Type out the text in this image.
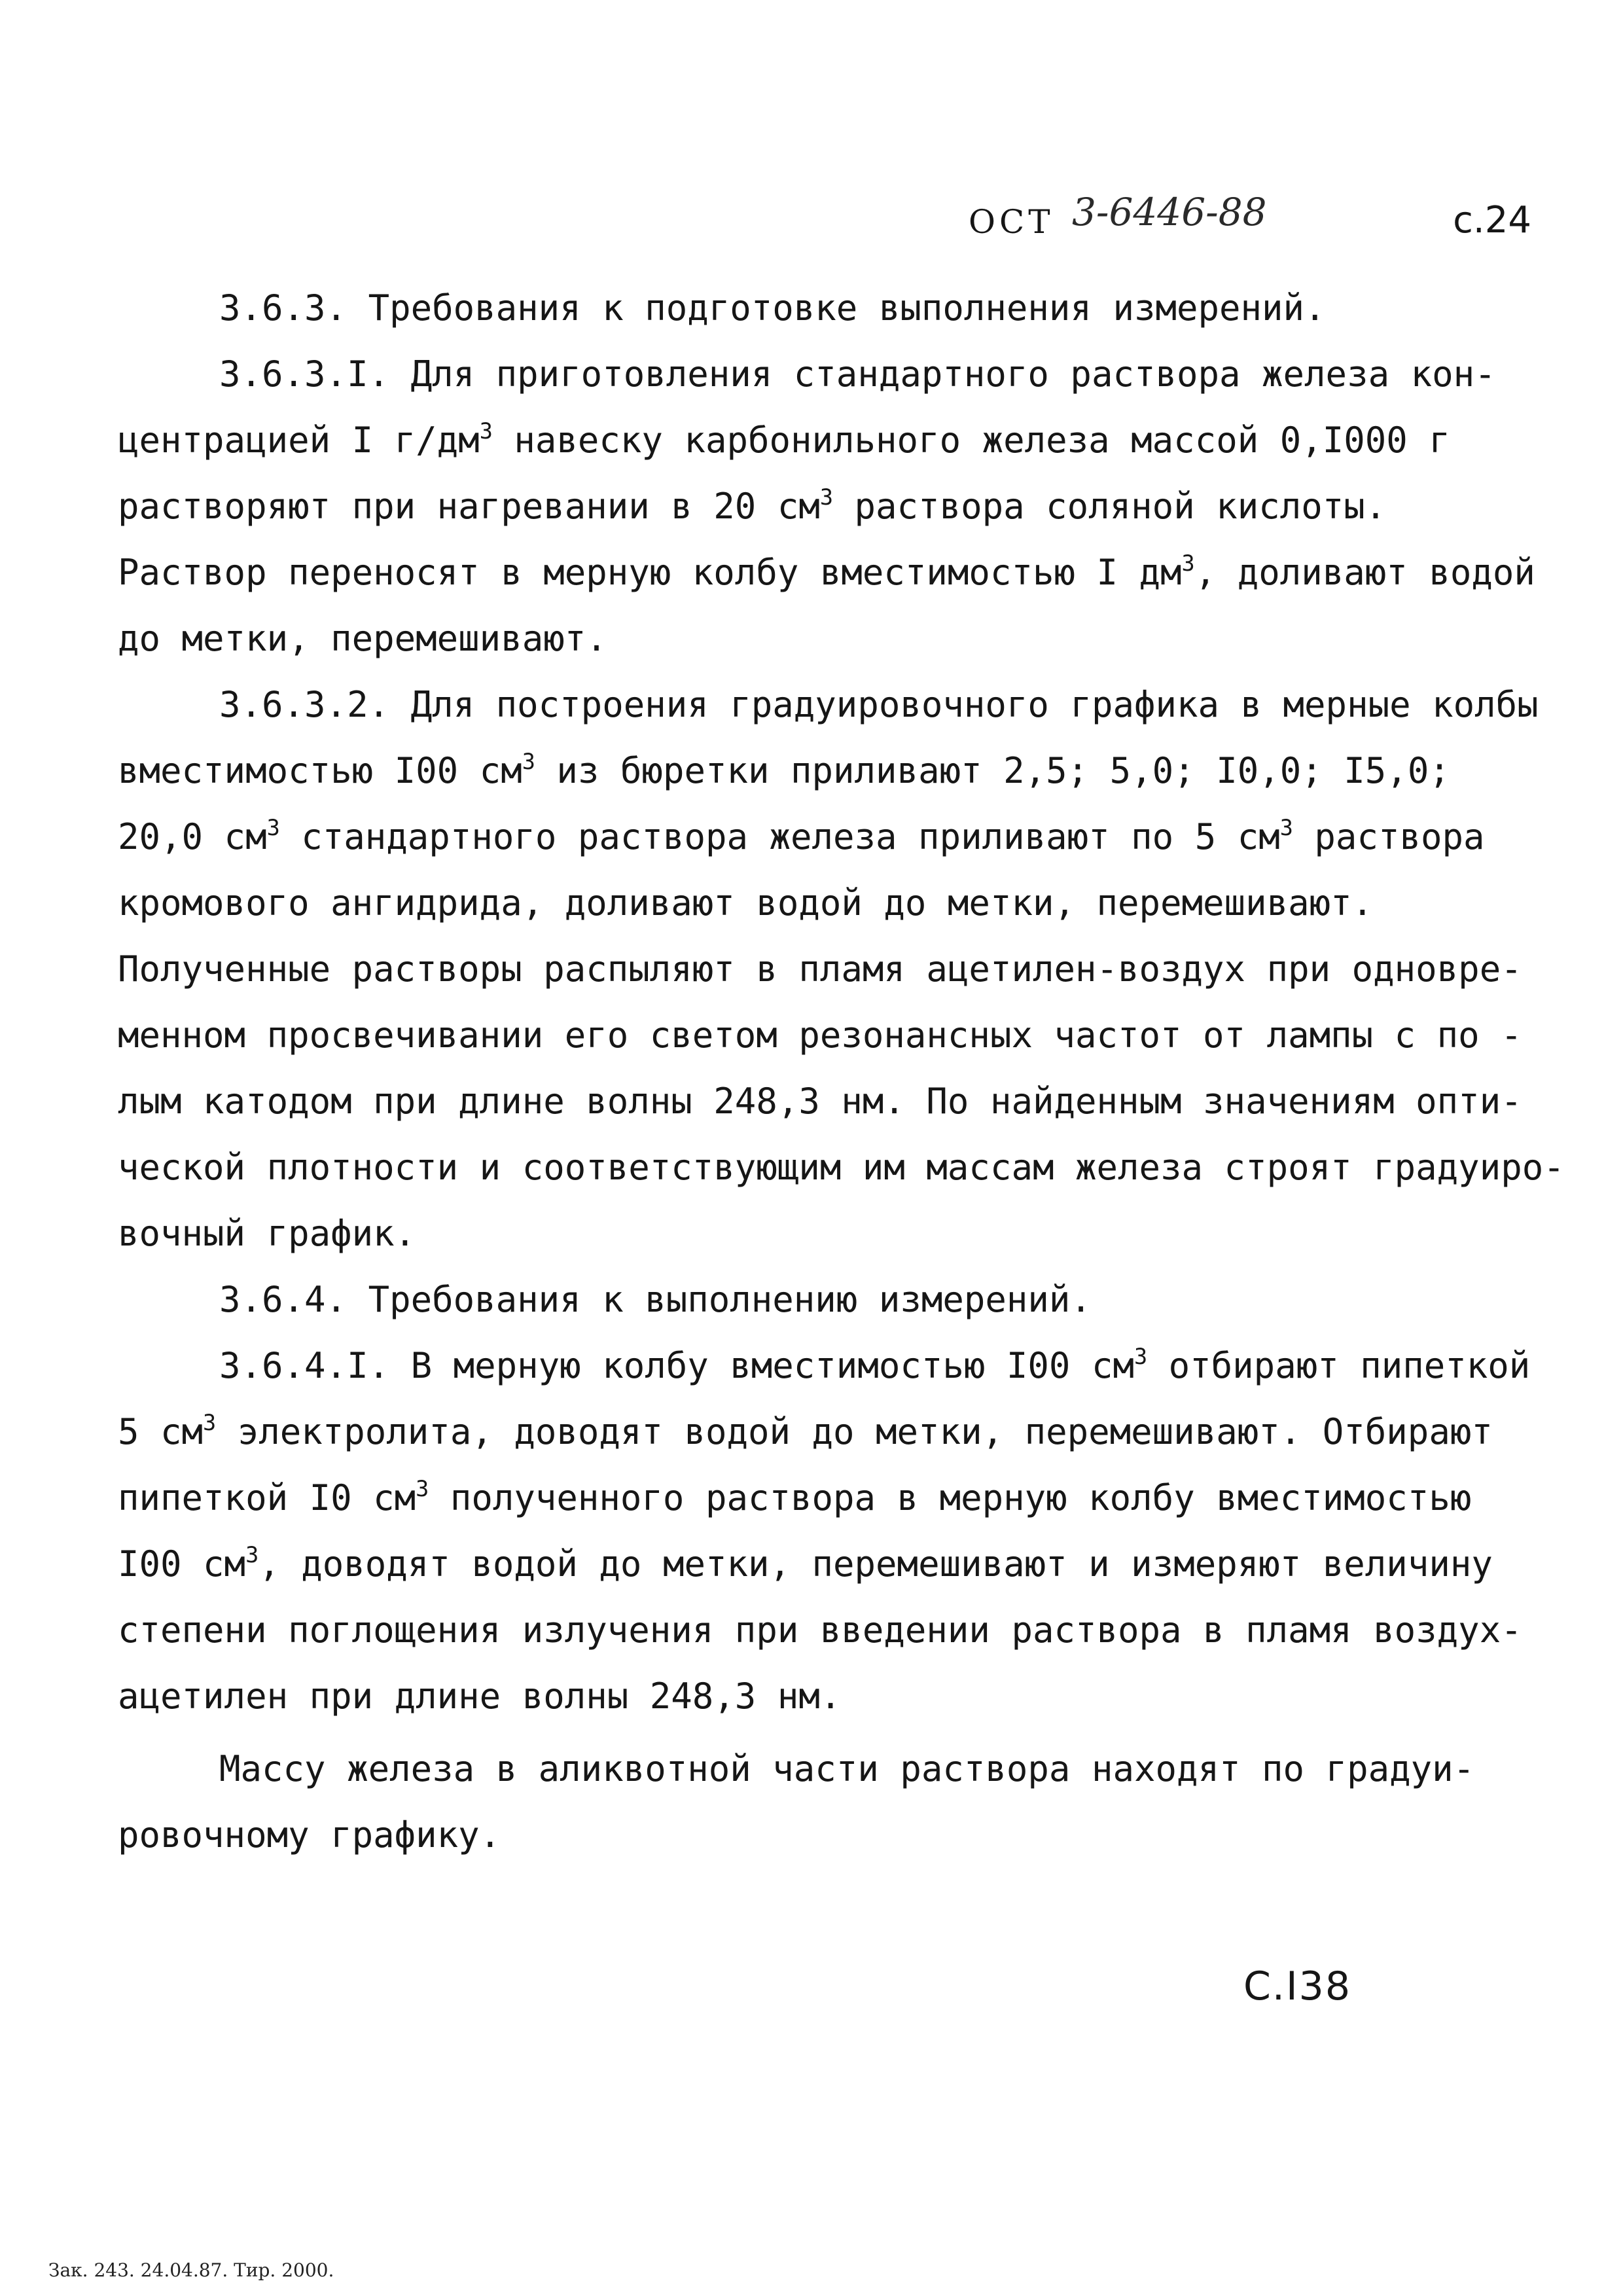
ОСТ 3-6446-88	с.24

3.6.3. Требования к подготовке выполнения измерений.

3.6.3.I. Для приготовления стандартного раствора железа кон-
центрацией I $г/дм^3$ навеску карбонильного железа массой 0,I000 г
растворяют при нагревании в 20 $см^3$ раствора соляной кислоты.
Раствор переносят в мерную колбу вместимостью I $дм^3$, доливают водой
до метки, перемешивают.

3.6.3.2. Для построения градуировочного графика в мерные колбы
вместимостью I00 $см^3$ из бюретки приливают 2,5; 5,0; I0,0; I5,0;
20,0 $см^3$ стандартного раствора железа приливают по 5 $см^3$ раствора
кромового ангидрида, доливают водой до метки, перемешивают.
Полученные растворы распыляют в пламя ацетилен-воздух при одновре-
менном просвечивании его светом резонансных частот от лампы с по -
лым катодом при длине волны 248,3 нм. По найденным значениям опти-
ческой плотности и соответствующим им массам железа строят градуиро-
вочный график.

3.6.4. Требования к выполнению измерений.

3.6.4.I. В мерную колбу вместимостью I00 $см^3$ отбирают пипеткой
5 $см^3$ электролита, доводят водой до метки, перемешивают. Отбирают
пипеткой I0 $см^3$ полученного раствора в мерную колбу вместимостью
I00 $см^3$, доводят водой до метки, перемешивают и измеряют величину
степени поглощения излучения при введении раствора в пламя воздух-
ацетилен при длине волны 248,3 нм.

Массу железа в аликвотной части раствора находят по градуи-
ровочному графику.

С.I38
Зак. 243. 24.04.87. Тир. 2000.
